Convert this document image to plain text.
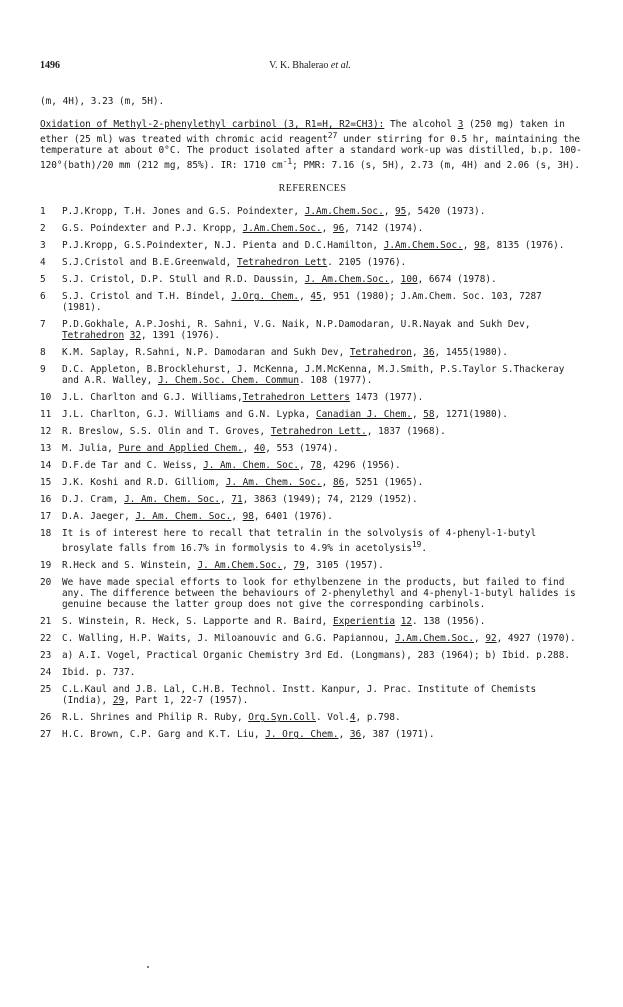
1496	V. K. Bhalerao et al.

(m, 4H), 3.23 (m, 5H).

Oxidation of Methyl-2-phenylethyl carbinol (3, R1=H, R2=CH3): The alcohol 3 (250 mg) taken in ether (25 ml) was treated with chromic acid reagent$^{27}$ under stirring for 0.5 hr, maintaining the temperature at about 0°C. The product isolated after a standard work-up was distilled, b.p. 100-120°(bath)/20 mm (212 mg, 85%). IR: 1710 $cm^{-1}$; PMR: 7.16 (s, 5H), 2.73 (m, 4H) and 2.06 (s, 3H).

REFERENCES
1	P.J.Kropp, T.H. Jones and G.S. Poindexter, J.Am.Chem.Soc., 95, 5420 (1973).
2	G.S. Poindexter and P.J. Kropp, J.Am.Chem.Soc., 96, 7142 (1974).
3	P.J.Kropp, G.S.Poindexter, N.J. Pienta and D.C.Hamilton, J.Am.Chem.Soc., 98, 8135 (1976).
4	S.J.Cristol and B.E.Greenwald, Tetrahedron Lett. 2105 (1976).
5	S.J. Cristol, D.P. Stull and R.D. Daussin, J. Am.Chem.Soc., 100, 6674 (1978).
6	S.J. Cristol and T.H. Bindel, J.Org. Chem., 45, 951 (1980); J.Am.Chem. Soc. 103, 7287 (1981).
7	P.D.Gokhale, A.P.Joshi, R. Sahni, V.G. Naik, N.P.Damodaran, U.R.Nayak and Sukh Dev, Tetrahedron 32, 1391 (1976).
8	K.M. Saplay, R.Sahni, N.P. Damodaran and Sukh Dev, Tetrahedron, 36, 1455(1980).
9	D.C. Appleton, B.Brocklehurst, J. McKenna, J.M.McKenna, M.J.Smith, P.S.Taylor S.Thackeray and A.R. Walley, J. Chem.Soc. Chem. Commun. 108 (1977).
10	J.L. Charlton and G.J. Williams,Tetrahedron Letters 1473 (1977).
11	J.L. Charlton, G.J. Williams and G.N. Lypka, Canadian J. Chem., 58, 1271(1980).
12	R. Breslow, S.S. Olin and T. Groves, Tetrahedron Lett., 1837 (1968).
13	M. Julia, Pure and Applied Chem., 40, 553 (1974).
14	D.F.de Tar and C. Weiss, J. Am. Chem. Soc., 78, 4296 (1956).
15	J.K. Koshi and R.D. Gilliom, J. Am. Chem. Soc., 86, 5251 (1965).
16	D.J. Cram, J. Am. Chem. Soc., 71, 3863 (1949); 74, 2129 (1952).
17	D.A. Jaeger, J. Am. Chem. Soc., 98, 6401 (1976).
18	It is of interest here to recall that tetralin in the solvolysis of 4-phenyl-1-butyl brosylate falls from 16.7% in formolysis to 4.9% in acetolysis$^{19}$.
19	R.Heck and S. Winstein, J. Am.Chem.Soc., 79, 3105 (1957).
20	We have made special efforts to look for ethylbenzene in the products, but failed to find any. The difference between the behaviours of 2-phenylethyl and 4-phenyl-1-butyl halides is genuine because the latter group does not give the corresponding carbinols.
21	S. Winstein, R. Heck, S. Lapporte and R. Baird, Experientia 12. 138 (1956).
22	C. Walling, H.P. Waits, J. Miloanouvic and G.G. Papiannou, J.Am.Chem.Soc., 92, 4927 (1970).
23	a) A.I. Vogel, Practical Organic Chemistry 3rd Ed. (Longmans), 283 (1964); b) Ibid. p.288.
24	Ibid. p. 737.
25	C.L.Kaul and J.B. Lal, C.H.B. Technol. Instt. Kanpur, J. Prac. Institute of Chemists (India), 29, Part 1, 22-7 (1957).
26	R.L. Shrines and Philip R. Ruby, Org.Syn.Coll. Vol.4, p.798.
27	H.C. Brown, C.P. Garg and K.T. Liu, J. Org. Chem., 36, 387 (1971).
